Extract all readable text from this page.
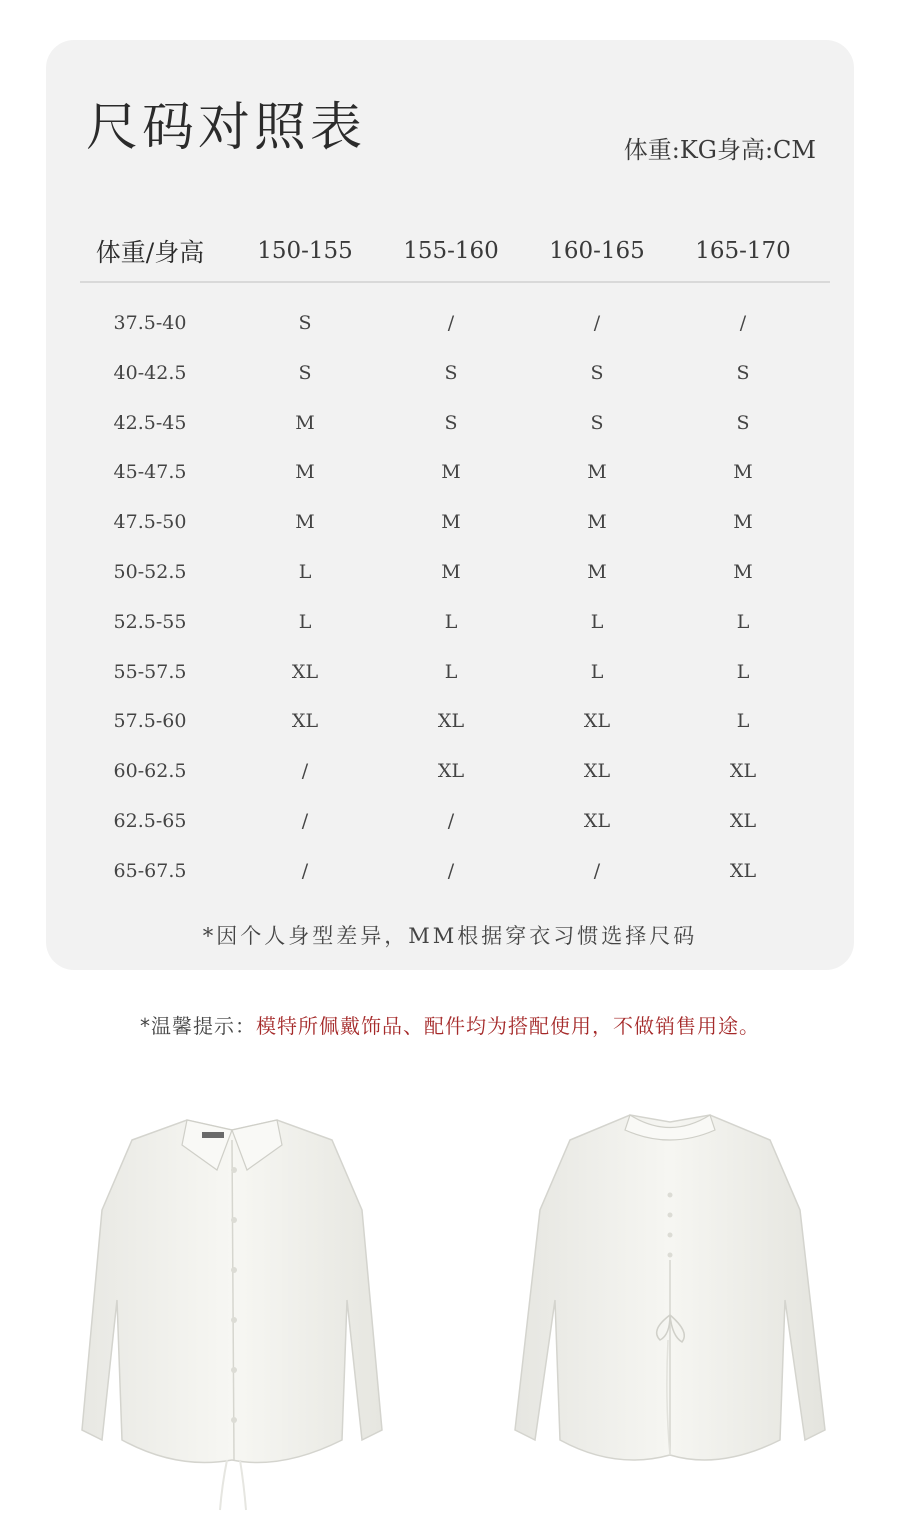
尺码对照表	体重:KG身高:CM
体重/身高	150-155	155-160	160-165	165-170
37.5-40	S	/	/	/
40-42.5	S	S	S	S
42.5-45	M	S	S	S
45-47.5	M	M	M	M
47.5-50	M	M	M	M
50-52.5	L	M	M	M
52.5-55	L	L	L	L
55-57.5	XL	L	L	L
57.5-60	XL	XL	XL	L
60-62.5	/	XL	XL	XL
62.5-65	/	/	XL	XL
65-67.5	/	/	/	XL
*因个人身型差异，MM根据穿衣习惯选择尺码
*温馨提示：模特所佩戴饰品、配件均为搭配使用，不做销售用途。
